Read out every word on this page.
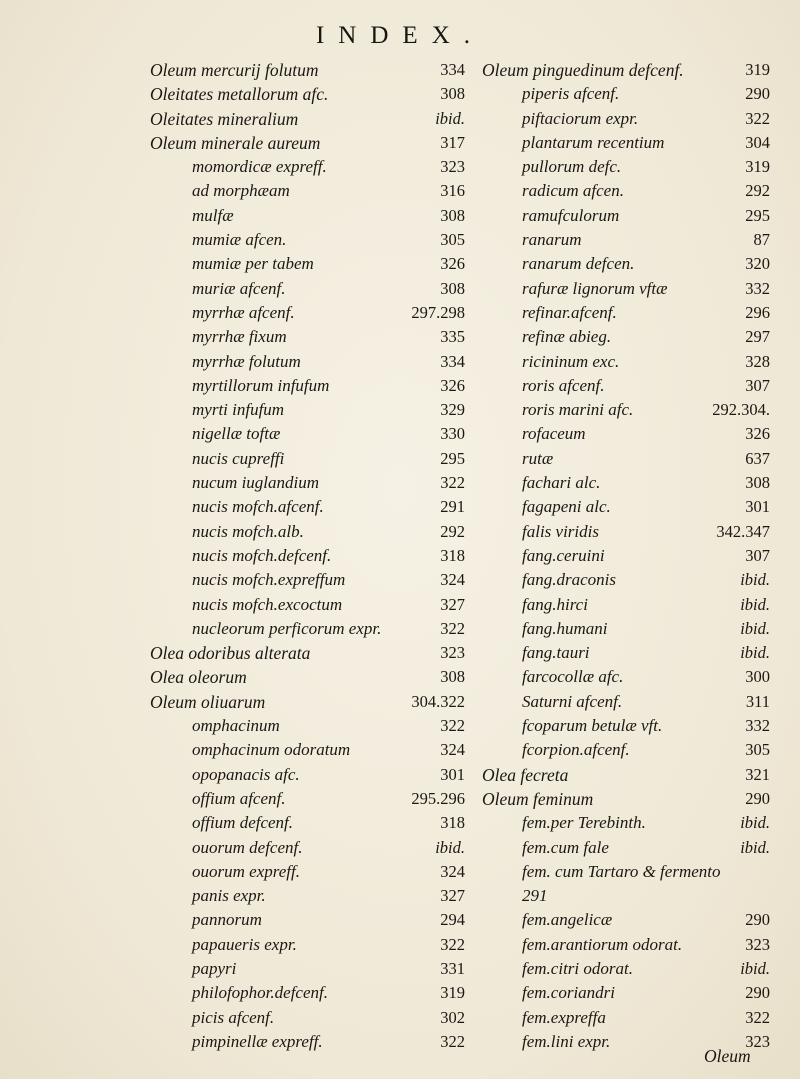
INDEX.
Oleum mercurij folutum	334
Oleitates metallorum afc.	308
Oleitates mineralium	ibid.
Oleum minerale aureum	317
momordicæ expreff.	323
ad morphæam	316
mulfæ	308
mumiæ afcen.	305
mumiæ per tabem	326
muriæ afcenf.	308
myrrhæ afcenf.	297.298
myrrhæ fixum	335
myrrhæ folutum	334
myrtillorum infufum	326
myrti infufum	329
nigellæ toftæ	330
nucis cupreffi	295
nucum iuglandium	322
nucis mofch.afcenf.	291
nucis mofch.alb.	292
nucis mofch.defcenf.	318
nucis mofch.expreffum	324
nucis mofch.excoctum	327
nucleorum perficorum expr.	322
Olea odoribus alterata	323
Olea oleorum	308
Oleum oliuarum	304.322
omphacinum	322
omphacinum odoratum	324
opopanacis afc.	301
offium afcenf.	295.296
offium defcenf.	318
ouorum defcenf.	ibid.
ouorum expreff.	324
panis expr.	327
pannorum	294
papaueris expr.	322
papyri	331
philofophor.defcenf.	319
picis afcenf.	302
pimpinellæ expreff.	322
Oleum pinguedinum defcenf.	319
piperis afcenf.	290
piftaciorum expr.	322
plantarum recentium	304
pullorum defc.	319
radicum afcen.	292
ramufculorum	295
ranarum	87
ranarum defcen.	320
rafuræ lignorum vftæ	332
refinar.afcenf.	296
refinæ abieg.	297
ricininum exc.	328
roris afcenf.	307
roris marini afc.	292.304.
rofaceum	326
rutæ	637
fachari alc.	308
fagapeni alc.	301
falis viridis	342.347
fang.ceruini	307
fang.draconis	ibid.
fang.hirci	ibid.
fang.humani	ibid.
fang.tauri	ibid.
farcocollæ afc.	300
Saturni afcenf.	311
fcoparum betulæ vft.	332
fcorpion.afcenf.	305
Olea fecreta	321
Oleum feminum	290
fem.per Terebinth.	ibid.
fem.cum fale	ibid.
fem. cum Tartaro & fermento
291
fem.angelicæ	290
fem.arantiorum odorat.	323
fem.citri odorat.	ibid.
fem.coriandri	290
fem.expreffa	322
fem.lini expr.	323
Oleum
